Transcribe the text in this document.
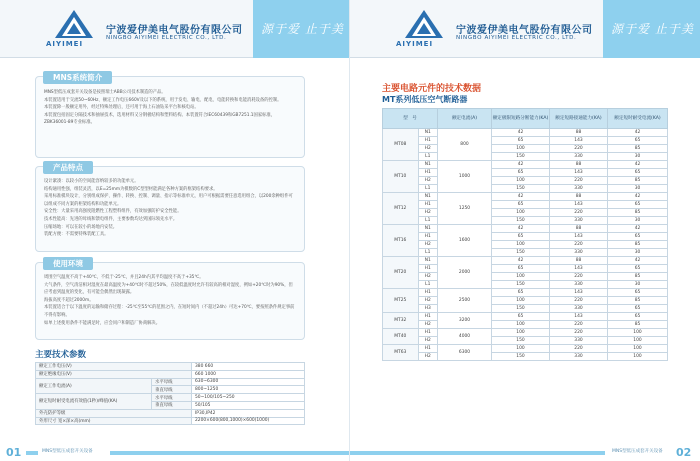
AIYIMEI
宁波爱伊美电气股份有限公司
NINGBO AIYIMEI ELECTRIC CO., LTD.
源于爱 止于美
MNS系统简介

MNS型低压成套开关设备是按照瑞士ABB公司技术制造的产品。

本装置适用于交流50~60Hz、额定工作电压660V及以下的系统，用于发电、输电、配电、电能转换和电能消耗设备的控制。

本装置除一般额定用外，经过特殊处理后，还可用于海上石油钻采平台和核电站。

本装置包括固定分隔技术和抽屉技术，选用材料又分钢板结构和塑料结构。本装置符合IEC60439和GB7251.1国家标准，ZBK36001-89专业标准。

产品特点

设计紧凑：以较小的空间能容纳较多的功能单元。

结构通用性强，组装灵活，以E=25mm为模数的C型型材能满足各种方案的框架结构要求。

采用标准模块设计，分别组成保护、操作、转换、控制、调量、指示等标准单元，用户可根据需要任意选用组合，以200余种组件可以组成不同方案的柜架结构和功能单元。

安全性：大量采用高强度阻燃性工程塑料组件，有效加强防护安全性能。

技术性能高：先进的母线和馈电组件，主要参数均达到国际领先水平。

压缩场地：可以在较小的场地内安装。

装配方便：不需要特殊装配工具。

使用环境

周围空气温度不高于+40℃，不低于-25℃，并且24h内其平均温度不高于+35℃。

大气条件，空气清洁相对湿度在最高温度为+40℃时不超过50%，在较低温度时允许有较高的相对湿度，例如+20℃时为90%，但应考虑到温度的变化，有可能会偶然出现凝露。

海拔高度不超过2000m。

本装置适合于以下温度的运输和储存过程：-25℃至55℃的范围之内，在短时间内（不超过24h）可达+70℃，要按照条件规定事前不得有影响。

如单上述使用条件不能满足时，应会同户和制造厂协商解决。

主要技术参数
额定工作电压(V)		380 660
额定绝缘电压(V)		660 1000
额定工作电流(A)	水平母线	630~6300
	垂直母线	800~1250
额定短时耐受电流有效值(1秒)/峰值(KA)	水平母线	50~100/105~250
	垂直母线	50/105
外壳防护等级		IP30,IP42
外形尺寸 宽×深×高(mm)		2200×600(800,1000)×600(1000)
01	MNS型低压成套开关设备
AIYIMEI
宁波爱伊美电气股份有限公司
NINGBO AIYIMEI ELECTRIC CO., LTD.
源于爱 止于美
主要电路元件的技术数据
MT系列低压空气断路器
型　号		额定电流(A)	额定极限短路分断能力(KA)	额定短路接通能力(KA)	额定短时耐受电流(KA)
MT08	N1	800	42	88	42
	H1		65	143	65
	H2		100	220	85
	L1		150	330	30
MT10	N1	1000	42	88	42
	H1		65	143	65
	H2		100	220	85
	L1		150	330	30
MT12	N1	1250	42	88	42
	H1		65	143	65
	H2		100	220	85
	L1		150	330	30
MT16	N1	1600	42	88	42
	H1		65	143	65
	H2		100	220	85
	L1		150	330	30
MT20	N1	2000	42	88	42
	H1		65	143	65
	H2		100	220	85
	L1		150	330	30
MT25	H1	2500	65	143	65
	H2		100	220	85
	H3		150	330	65
MT32	H1	3200	65	143	65
	H2		100	220	85
MT40	H1	4000	100	220	100
	H2		150	330	100
MT63	H1	6300	100	220	100
	H2		150	330	100
MNS型低压成套开关设备 02
